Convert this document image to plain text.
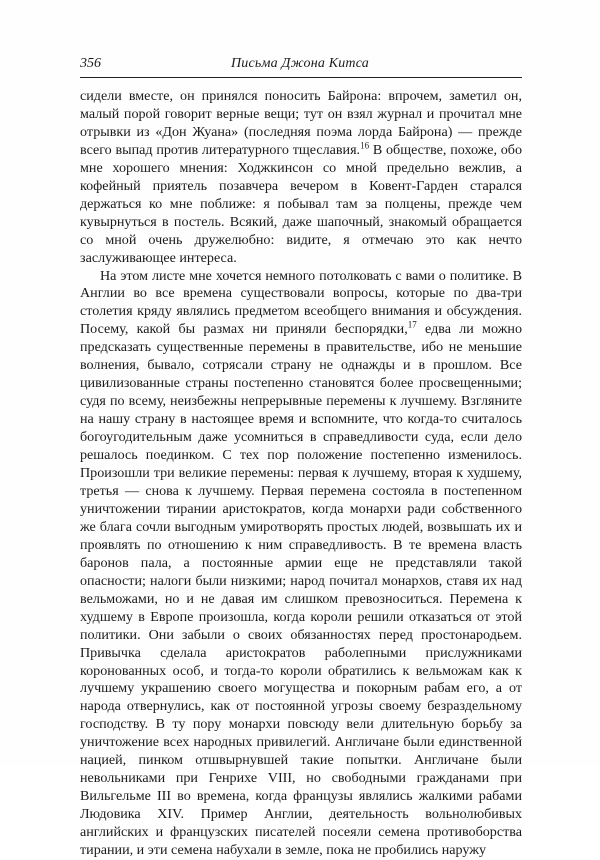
356	Письма Джона Китса

сидели вместе, он принялся поносить Байрона: впрочем, заметил он, малый порой говорит верные вещи; тут он взял журнал и прочитал мне отрывки из «Дон Жуана» (последняя поэма лорда Байрона) — прежде всего выпад против литературного тщеславия.$^{16}$ В обществе, похоже, обо мне хорошего мнения: Ходжкинсон со мной предельно вежлив, а кофейный приятель позавчера вечером в Ковент-Гарден старался держаться ко мне поближе: я побывал там за полцены, прежде чем кувырнуться в постель. Всякий, даже шапочный, знакомый обращается со мной очень дружелюбно: видите, я отмечаю это как нечто заслуживающее интереса.

На этом листе мне хочется немного потолковать с вами о политике. В Англии во все времена существовали вопросы, которые по два-три столетия кряду являлись предметом всеобщего внимания и обсуждения. Посему, какой бы размах ни приняли беспорядки,$^{17}$ едва ли можно предсказать существенные перемены в правительстве, ибо не меньшие волнения, бывало, сотрясали страну не однажды и в прошлом. Все цивилизованные страны постепенно становятся более просвещенными; судя по всему, неизбежны непрерывные перемены к лучшему. Взгляните на нашу страну в настоящее время и вспомните, что когда-то считалось богоугодительным даже усомниться в справедливости суда, если дело решалось поединком. С тех пор положение постепенно изменилось. Произошли три великие перемены: первая к лучшему, вторая к худшему, третья — снова к лучшему. Первая перемена состояла в постепенном уничтожении тирании аристократов, когда монархи ради собственного же блага сочли выгодным умиротворять простых людей, возвышать их и проявлять по отношению к ним справедливость. В те времена власть баронов пала, а постоянные армии еще не представляли такой опасности; налоги были низкими; народ почитал монархов, ставя их над вельможами, но и не давая им слишком превозноситься. Перемена к худшему в Европе произошла, когда короли решили отказаться от этой политики. Они забыли о своих обязанностях перед простонародьем. Привычка сделала аристократов раболепными прислужниками коронованных особ, и тогда-то короли обратились к вельможам как к лучшему украшению своего могущества и покорным рабам его, а от народа отвернулись, как от постоянной угрозы своему безраздельному господству. В ту пору монархи повсюду вели длительную борьбу за уничтожение всех народных привилегий. Англичане были единственной нацией, пинком отшвырнувшей такие попытки. Англичане были невольниками при Генрихе VIII, но свободными гражданами при Вильгельме III во времена, когда французы являлись жалкими рабами Людовика XIV. Пример Англии, деятельность вольнолюбивых английских и французских писателей посеяли семена противоборства тирании, и эти семена набухали в земле, пока не пробились наружу
